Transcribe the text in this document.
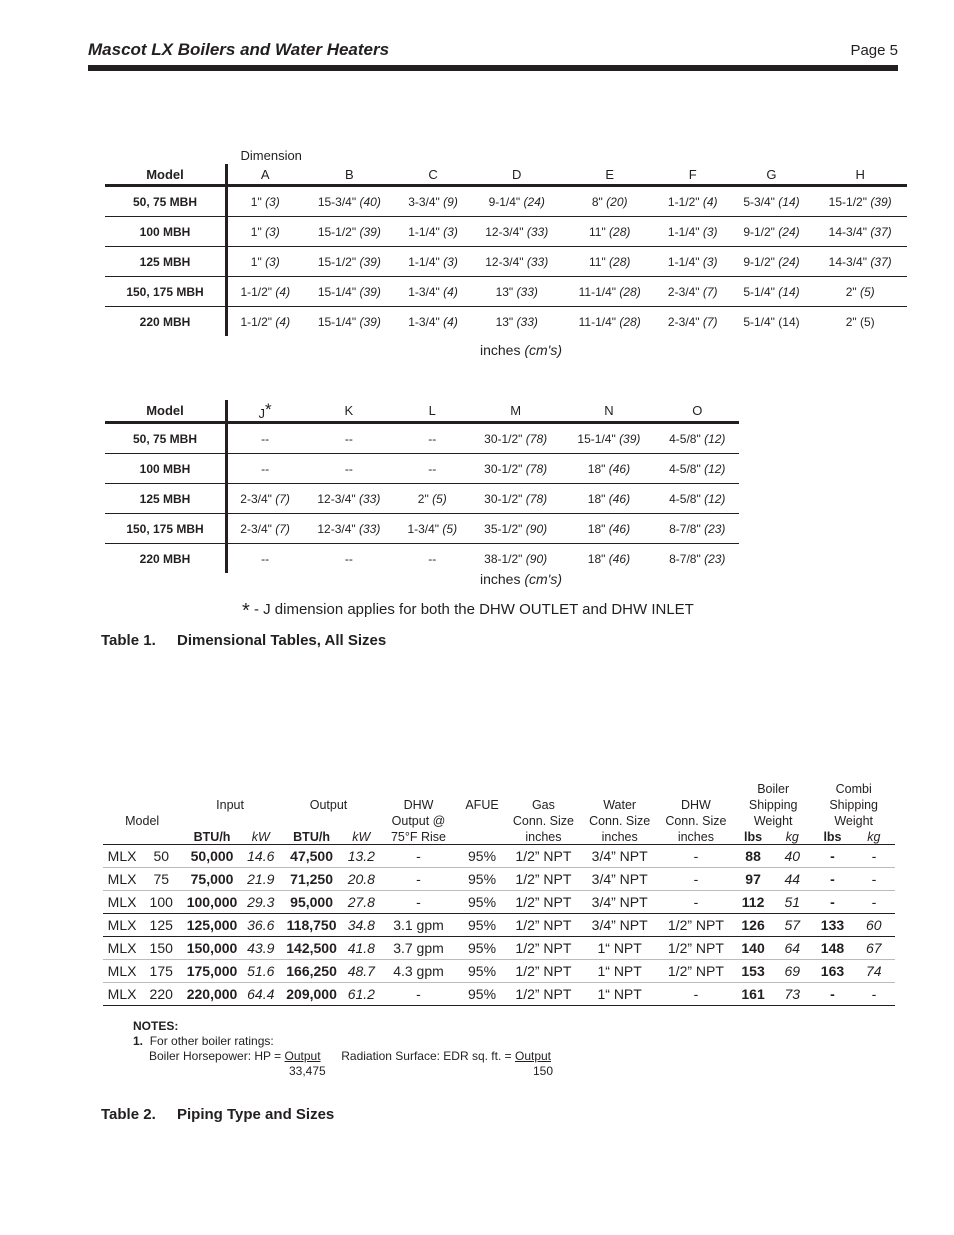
Mascot LX Boilers and Water Heaters	Page 5
	Dimension							
Model	A	B	C	D	E	F	G	H
50, 75 MBH	1" (3)	15-3/4" (40)	3-3/4" (9)	9-1/4" (24)	8" (20)	1-1/2" (4)	5-3/4" (14)	15-1/2" (39)
100 MBH	1" (3)	15-1/2" (39)	1-1/4" (3)	12-3/4" (33)	11" (28)	1-1/4" (3)	9-1/2" (24)	14-3/4" (37)
125 MBH	1" (3)	15-1/2" (39)	1-1/4" (3)	12-3/4" (33)	11" (28)	1-1/4" (3)	9-1/2" (24)	14-3/4" (37)
150, 175 MBH	1-1/2" (4)	15-1/4" (39)	1-3/4" (4)	13" (33)	11-1/4" (28)	2-3/4" (7)	5-1/4" (14)	2" (5)
220 MBH	1-1/2" (4)	15-1/4" (39)	1-3/4" (4)	13" (33)	11-1/4" (28)	2-3/4" (7)	5-1/4" (14)	2" (5)
inches (cm's)
Model	J*	K	L	M	N	O
50, 75 MBH	--	--	--	30-1/2" (78)	15-1/4" (39)	4-5/8" (12)
100 MBH	--	--	--	30-1/2" (78)	18" (46)	4-5/8" (12)
125 MBH	2-3/4" (7)	12-3/4" (33)	2" (5)	30-1/2" (78)	18" (46)	4-5/8" (12)
150, 175 MBH	2-3/4" (7)	12-3/4" (33)	1-3/4" (5)	35-1/2" (90)	18" (46)	8-7/8" (23)
220 MBH	--	--	--	38-1/2" (90)	18" (46)	8-7/8" (23)
inches (cm's)
* - J dimension applies for both the DHW OUTLET and DHW INLET
Table 1. Dimensional Tables, All Sizes
											Boiler		Combi	
		Input		Output		DHW	AFUE	Gas	Water	DHW	Shipping		Shipping	
Model						Output @		Conn. Size	Conn. Size	Conn. Size	Weight		Weight	
		BTU/h	kW	BTU/h	kW	75°F Rise		inches	inches	inches	lbs	kg	lbs	kg
MLX	50	50,000	14.6	47,500	13.2	-	95%	1/2” NPT	3/4” NPT	-	88	40	-	-
MLX	75	75,000	21.9	71,250	20.8	-	95%	1/2” NPT	3/4” NPT	-	97	44	-	-
MLX	100	100,000	29.3	95,000	27.8	-	95%	1/2” NPT	3/4” NPT	-	112	51	-	-
MLX	125	125,000	36.6	118,750	34.8	3.1 gpm	95%	1/2” NPT	3/4” NPT	1/2” NPT	126	57	133	60
MLX	150	150,000	43.9	142,500	41.8	3.7 gpm	95%	1/2” NPT	1“ NPT	1/2” NPT	140	64	148	67
MLX	175	175,000	51.6	166,250	48.7	4.3 gpm	95%	1/2” NPT	1“ NPT	1/2” NPT	153	69	163	74
MLX	220	220,000	64.4	209,000	61.2	-	95%	1/2” NPT	1“ NPT	-	161	73	-	-
NOTES:
1. For other boiler ratings:
Boiler Horsepower: HP = Output Radiation Surface: EDR sq. ft. = Output
33,475	150
Table 2. Piping Type and Sizes
